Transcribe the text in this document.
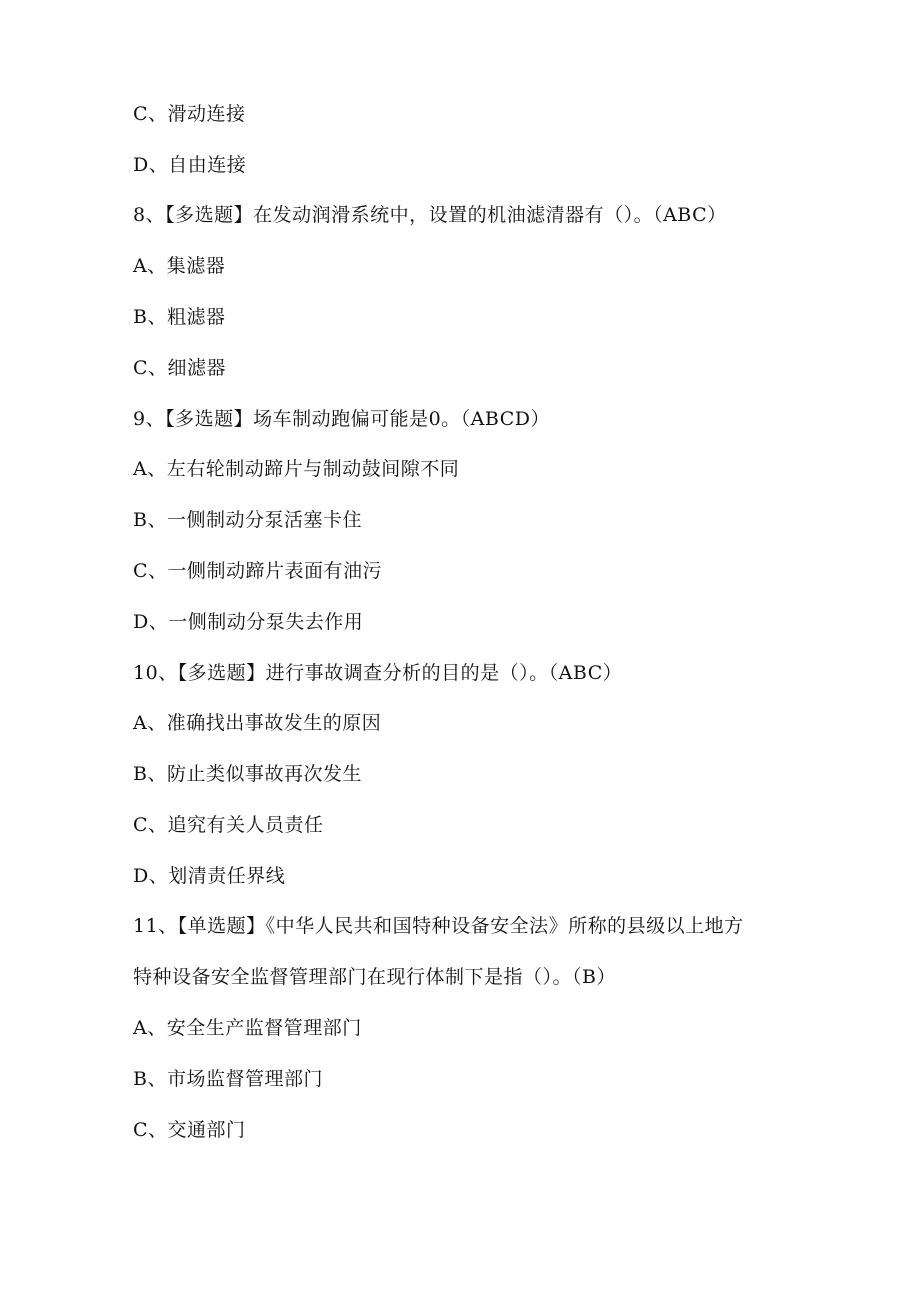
C、滑动连接
D、自由连接
8、【多选题】在发动润滑系统中，设置的机油滤清器有（）。（ABC）
A、集滤器
B、粗滤器
C、细滤器
9、【多选题】场车制动跑偏可能是0。（ABCD）
A、左右轮制动蹄片与制动鼓间隙不同
B、一侧制动分泵活塞卡住
C、一侧制动蹄片表面有油污
D、一侧制动分泵失去作用
10、【多选题】进行事故调查分析的目的是（）。（ABC）
A、准确找出事故发生的原因
B、防止类似事故再次发生
C、追究有关人员责任
D、划清责任界线
11、【单选题】《中华人民共和国特种设备安全法》所称的县级以上地方
特种设备安全监督管理部门在现行体制下是指（）。（B）
A、安全生产监督管理部门
B、市场监督管理部门
C、交通部门
